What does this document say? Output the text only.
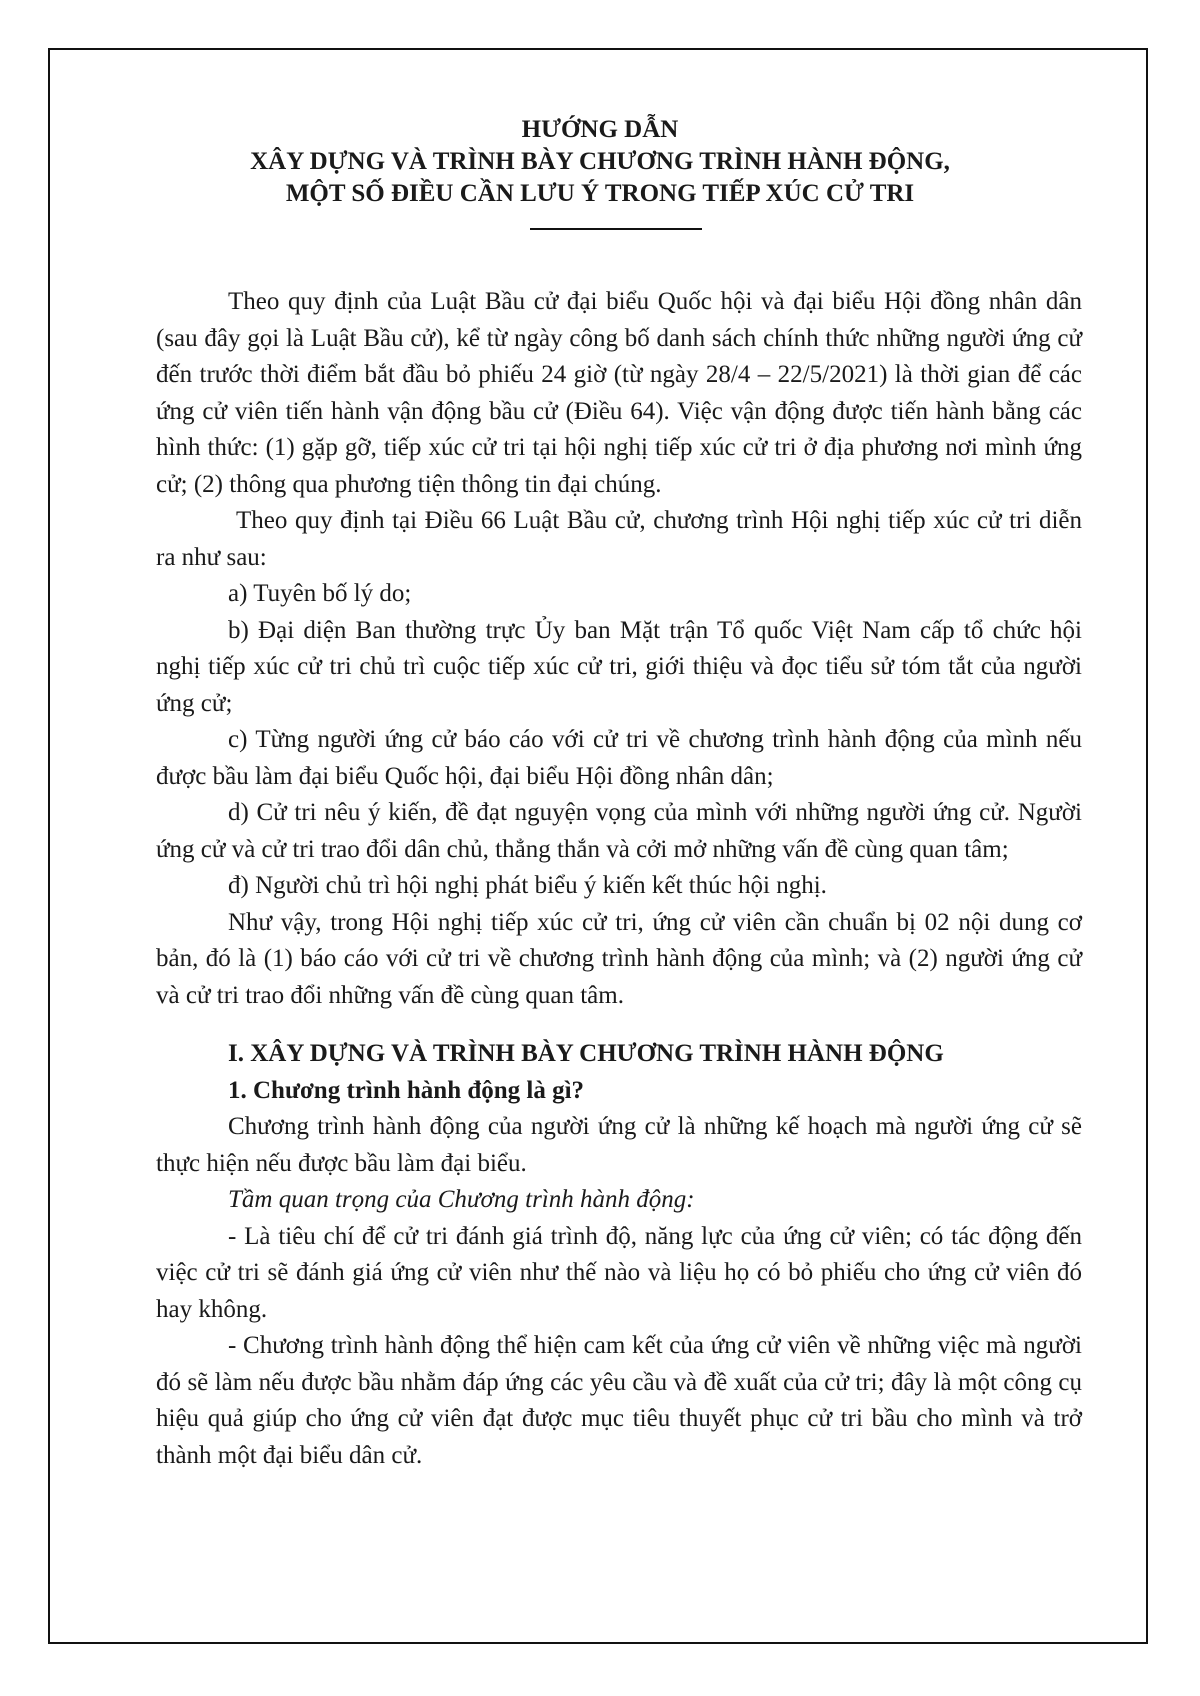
HƯỚNG DẪN
XÂY DỰNG VÀ TRÌNH BÀY CHƯƠNG TRÌNH HÀNH ĐỘNG,
MỘT SỐ ĐIỀU CẦN LƯU Ý TRONG TIẾP XÚC CỬ TRI

Theo quy định của Luật Bầu cử đại biểu Quốc hội và đại biểu Hội đồng nhân dân (sau đây gọi là Luật Bầu cử), kể từ ngày công bố danh sách chính thức những người ứng cử đến trước thời điểm bắt đầu bỏ phiếu 24 giờ (từ ngày 28/4 – 22/5/2021) là thời gian để các ứng cử viên tiến hành vận động bầu cử (Điều 64). Việc vận động được tiến hành bằng các hình thức: (1) gặp gỡ, tiếp xúc cử tri tại hội nghị tiếp xúc cử tri ở địa phương nơi mình ứng cử; (2) thông qua phương tiện thông tin đại chúng.

Theo quy định tại Điều 66 Luật Bầu cử, chương trình Hội nghị tiếp xúc cử tri diễn ra như sau:

a) Tuyên bố lý do;

b) Đại diện Ban thường trực Ủy ban Mặt trận Tổ quốc Việt Nam cấp tổ chức hội nghị tiếp xúc cử tri chủ trì cuộc tiếp xúc cử tri, giới thiệu và đọc tiểu sử tóm tắt của người ứng cử;

c) Từng người ứng cử báo cáo với cử tri về chương trình hành động của mình nếu được bầu làm đại biểu Quốc hội, đại biểu Hội đồng nhân dân;

d) Cử tri nêu ý kiến, đề đạt nguyện vọng của mình với những người ứng cử. Người ứng cử và cử tri trao đổi dân chủ, thẳng thắn và cởi mở những vấn đề cùng quan tâm;

đ) Người chủ trì hội nghị phát biểu ý kiến kết thúc hội nghị.

Như vậy, trong Hội nghị tiếp xúc cử tri, ứng cử viên cần chuẩn bị 02 nội dung cơ bản, đó là (1) báo cáo với cử tri về chương trình hành động của mình; và (2) người ứng cử và cử tri trao đổi những vấn đề cùng quan tâm.

I. XÂY DỰNG VÀ TRÌNH BÀY CHƯƠNG TRÌNH HÀNH ĐỘNG

1. Chương trình hành động là gì?

Chương trình hành động của người ứng cử là những kế hoạch mà người ứng cử sẽ thực hiện nếu được bầu làm đại biểu.

Tầm quan trọng của Chương trình hành động:

- Là tiêu chí để cử tri đánh giá trình độ, năng lực của ứng cử viên; có tác động đến việc cử tri sẽ đánh giá ứng cử viên như thế nào và liệu họ có bỏ phiếu cho ứng cử viên đó hay không.

- Chương trình hành động thể hiện cam kết của ứng cử viên về những việc mà người đó sẽ làm nếu được bầu nhằm đáp ứng các yêu cầu và đề xuất của cử tri; đây là một công cụ hiệu quả giúp cho ứng cử viên đạt được mục tiêu thuyết phục cử tri bầu cho mình và trở thành một đại biểu dân cử.
